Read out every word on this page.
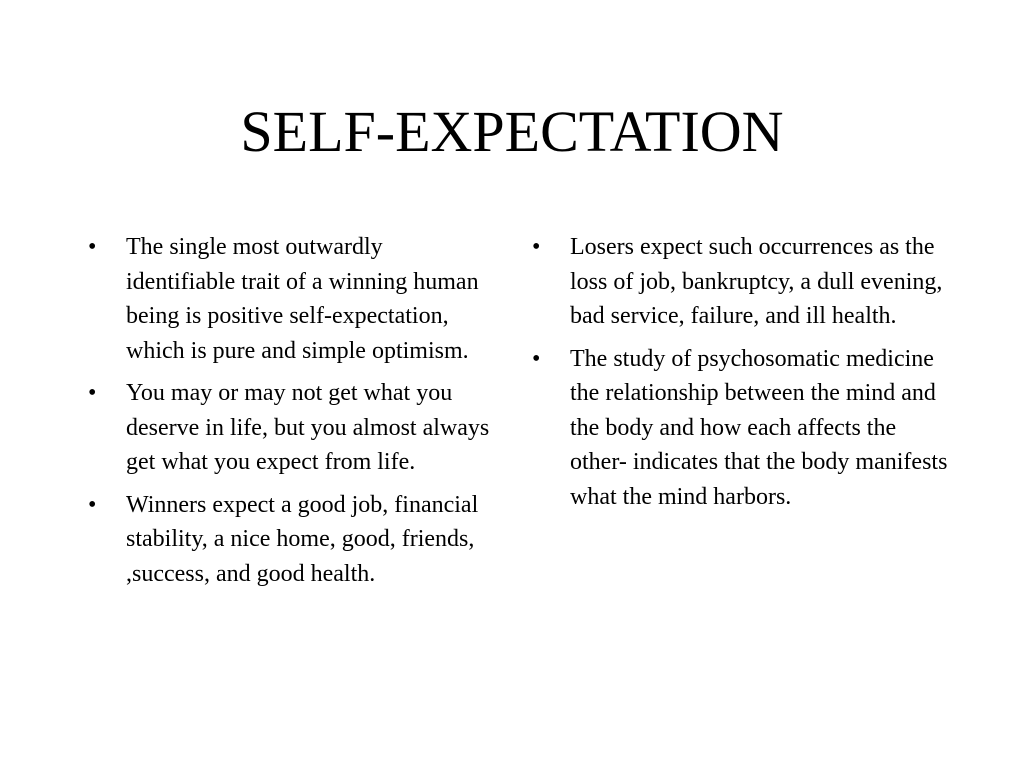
SELF-EXPECTATION
•	The single most outwardly identifiable trait of a winning human being is positive self-expectation, which is pure and simple optimism.
•	You may or may not get what you deserve in life, but you almost always get what you expect from life.
•	Winners expect a good job, financial stability, a nice home, good, friends, ,success, and good health.
•	Losers expect such occurrences as the loss of job, bankruptcy, a dull evening, bad service, failure, and ill health.
•	The study of psychosomatic medicine the relationship between the mind and the body and how each affects the other- indicates that the body manifests what the mind harbors.
